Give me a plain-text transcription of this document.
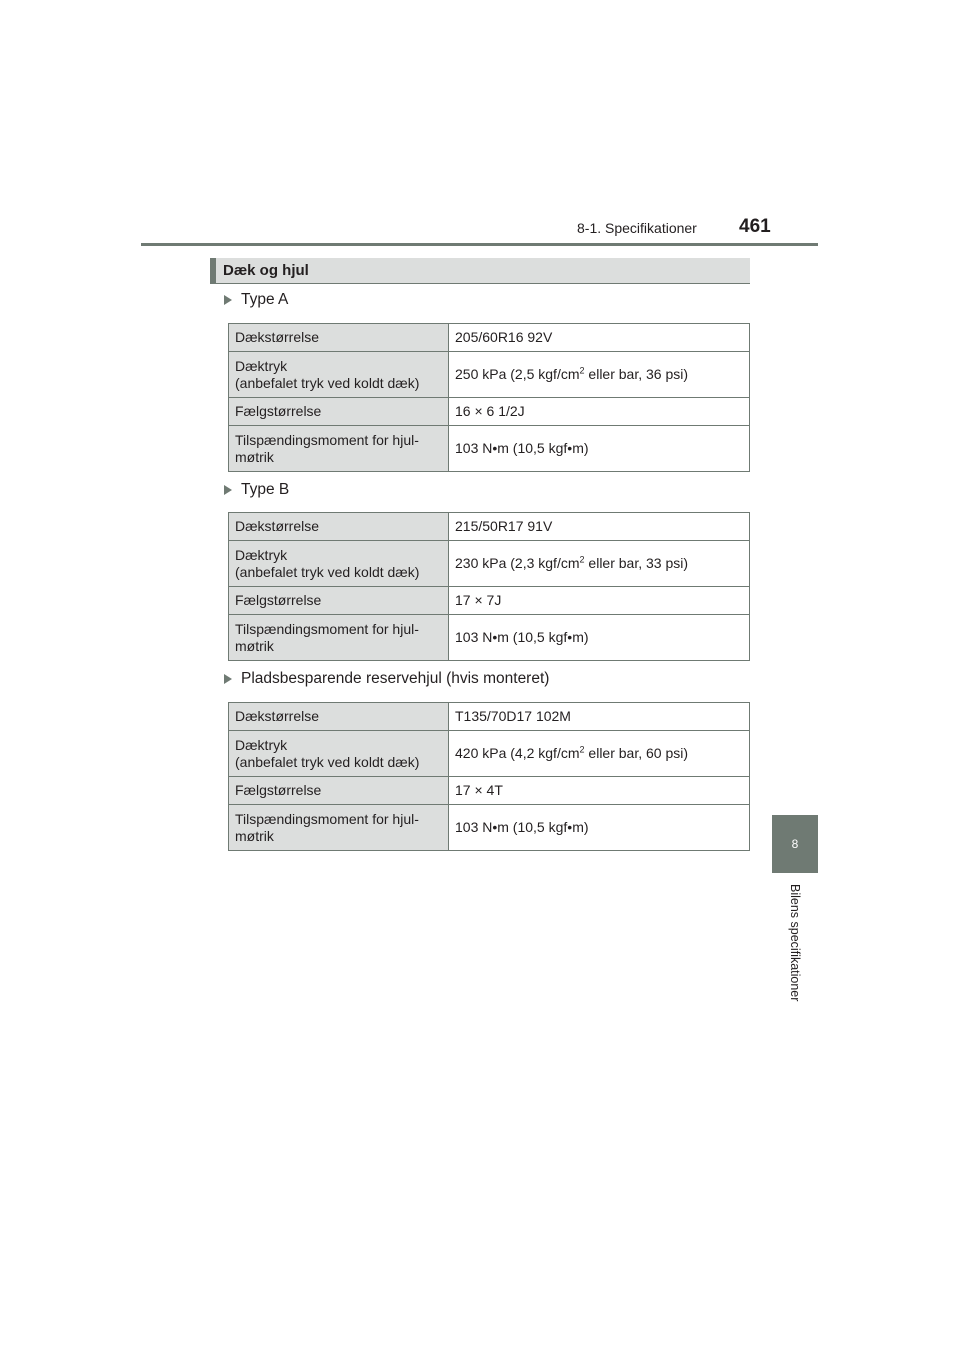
8-1. Specifikationer 461
8
Bilens specifikationer
Dæk og hjul
Type A
Dækstørrelse	205/60R16 92V
Dæktryk
(anbefalet tryk ved koldt dæk)	250 kPa (2,5 kgf/$cm^2$ eller bar, 36 psi)
Fælgstørrelse	16 × 6 1/2J
Tilspændingsmoment for hjul-
møtrik	103 N•m (10,5 kgf•m)
Type B
Dækstørrelse	215/50R17 91V
Dæktryk
(anbefalet tryk ved koldt dæk)	230 kPa (2,3 kgf/$cm^2$ eller bar, 33 psi)
Fælgstørrelse	17 × 7J
Tilspændingsmoment for hjul-
møtrik	103 N•m (10,5 kgf•m)
Pladsbesparende reservehjul (hvis monteret)
Dækstørrelse	T135/70D17 102M
Dæktryk
(anbefalet tryk ved koldt dæk)	420 kPa (4,2 kgf/$cm^2$ eller bar, 60 psi)
Fælgstørrelse	17 × 4T
Tilspændingsmoment for hjul-
møtrik	103 N•m (10,5 kgf•m)
